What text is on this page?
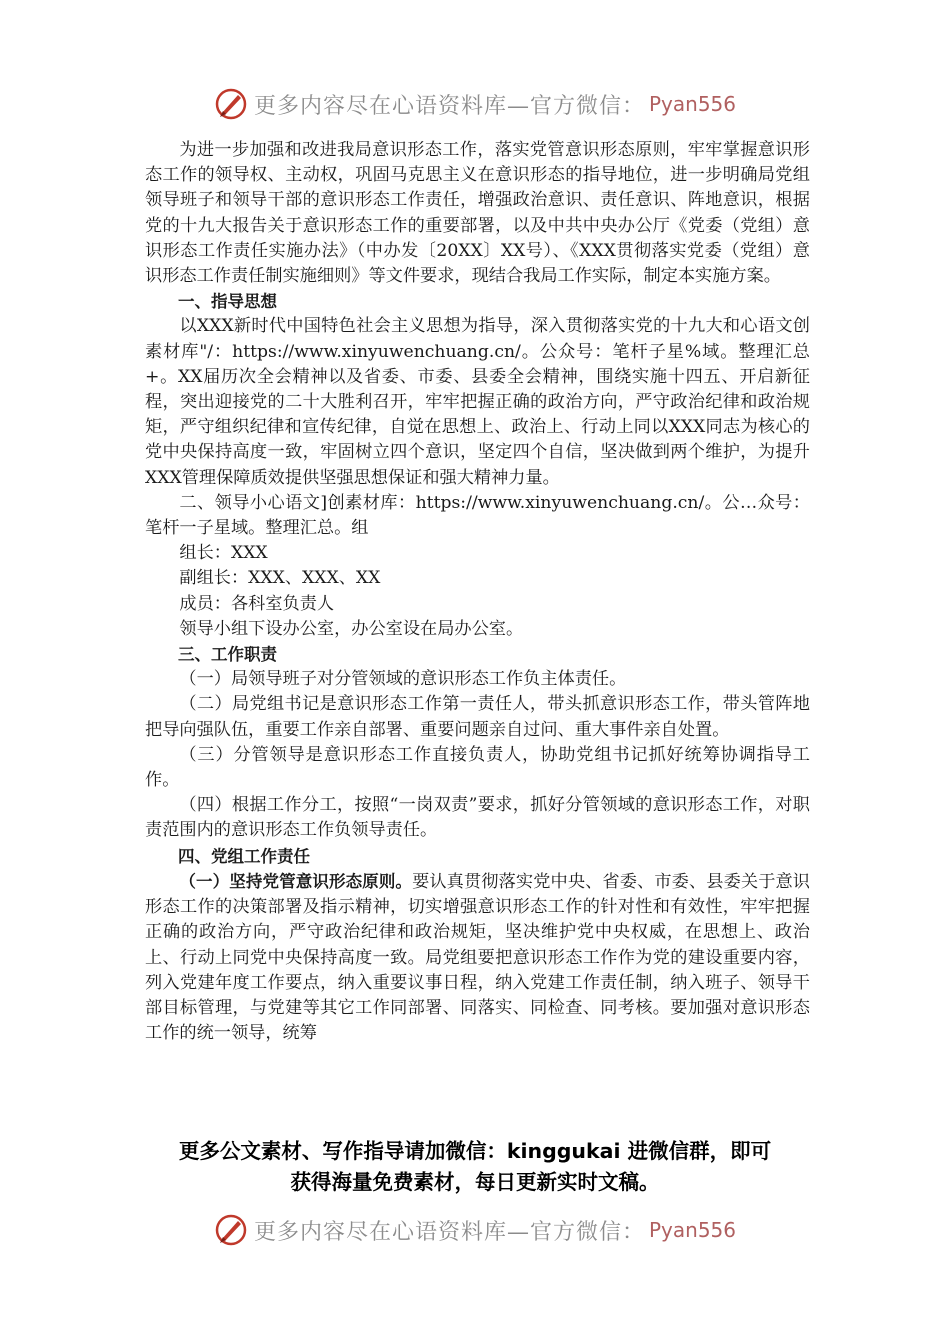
更多内容尽在心语资料库—官方微信： Pyan556

为进一步加强和改进我局意识形态工作，落实党管意识形态原则，牢牢掌握意识形态工作的领导权、主动权，巩固马克思主义在意识形态的指导地位，进一步明确局党组领导班子和领导干部的意识形态工作责任，增强政治意识、责任意识、阵地意识，根据党的十九大报告关于意识形态工作的重要部署，以及中共中央办公厅《党委（党组）意识形态工作责任实施办法》（中办发〔20XX〕XX号）、《XXX贯彻落实党委（党组）意识形态工作责任制实施细则》等文件要求，现结合我局工作实际，制定本实施方案。

一、指导思想

以XXX新时代中国特色社会主义思想为指导，深入贯彻落实党的十九大和心语文创素材库"/：https://www.xinyuwenchuang.cn/。公众号：笔杆子星%域。整理汇总+。XX届历次全会精神以及省委、市委、县委全会精神，围绕实施十四五、开启新征程，突出迎接党的二十大胜利召开，牢牢把握正确的政治方向，严守政治纪律和政治规矩，严守组织纪律和宣传纪律，自觉在思想上、政治上、行动上同以XXX同志为核心的党中央保持高度一致，牢固树立四个意识，坚定四个自信，坚决做到两个维护，为提升XXX管理保障质效提供坚强思想保证和强大精神力量。

二、领导小心语文]创素材库：https://www.xinyuwenchuang.cn/。公…众号：笔杆一子星域。整理汇总。组

组长：XXX

副组长：XXX、XXX、XX

成员：各科室负责人

领导小组下设办公室，办公室设在局办公室。

三、工作职责

（一）局领导班子对分管领域的意识形态工作负主体责任。

（二）局党组书记是意识形态工作第一责任人，带头抓意识形态工作，带头管阵地把导向强队伍，重要工作亲自部署、重要问题亲自过问、重大事件亲自处置。

（三）分管领导是意识形态工作直接负责人，协助党组书记抓好统筹协调指导工作。

（四）根据工作分工，按照“一岗双责”要求，抓好分管领域的意识形态工作，对职责范围内的意识形态工作负领导责任。

四、党组工作责任

（一）坚持党管意识形态原则。要认真贯彻落实党中央、省委、市委、县委关于意识形态工作的决策部署及指示精神，切实增强意识形态工作的针对性和有效性，牢牢把握正确的政治方向，严守政治纪律和政治规矩，坚决维护党中央权威，在思想上、政治上、行动上同党中央保持高度一致。局党组要把意识形态工作作为党的建设重要内容，列入党建年度工作要点，纳入重要议事日程，纳入党建工作责任制，纳入班子、领导干部目标管理，与党建等其它工作同部署、同落实、同检查、同考核。要加强对意识形态工作的统一领导，统筹

更多公文素材、写作指导请加微信：kinggukai 进微信群，即可
获得海量免费素材，每日更新实时文稿。
更多内容尽在心语资料库—官方微信： Pyan556
